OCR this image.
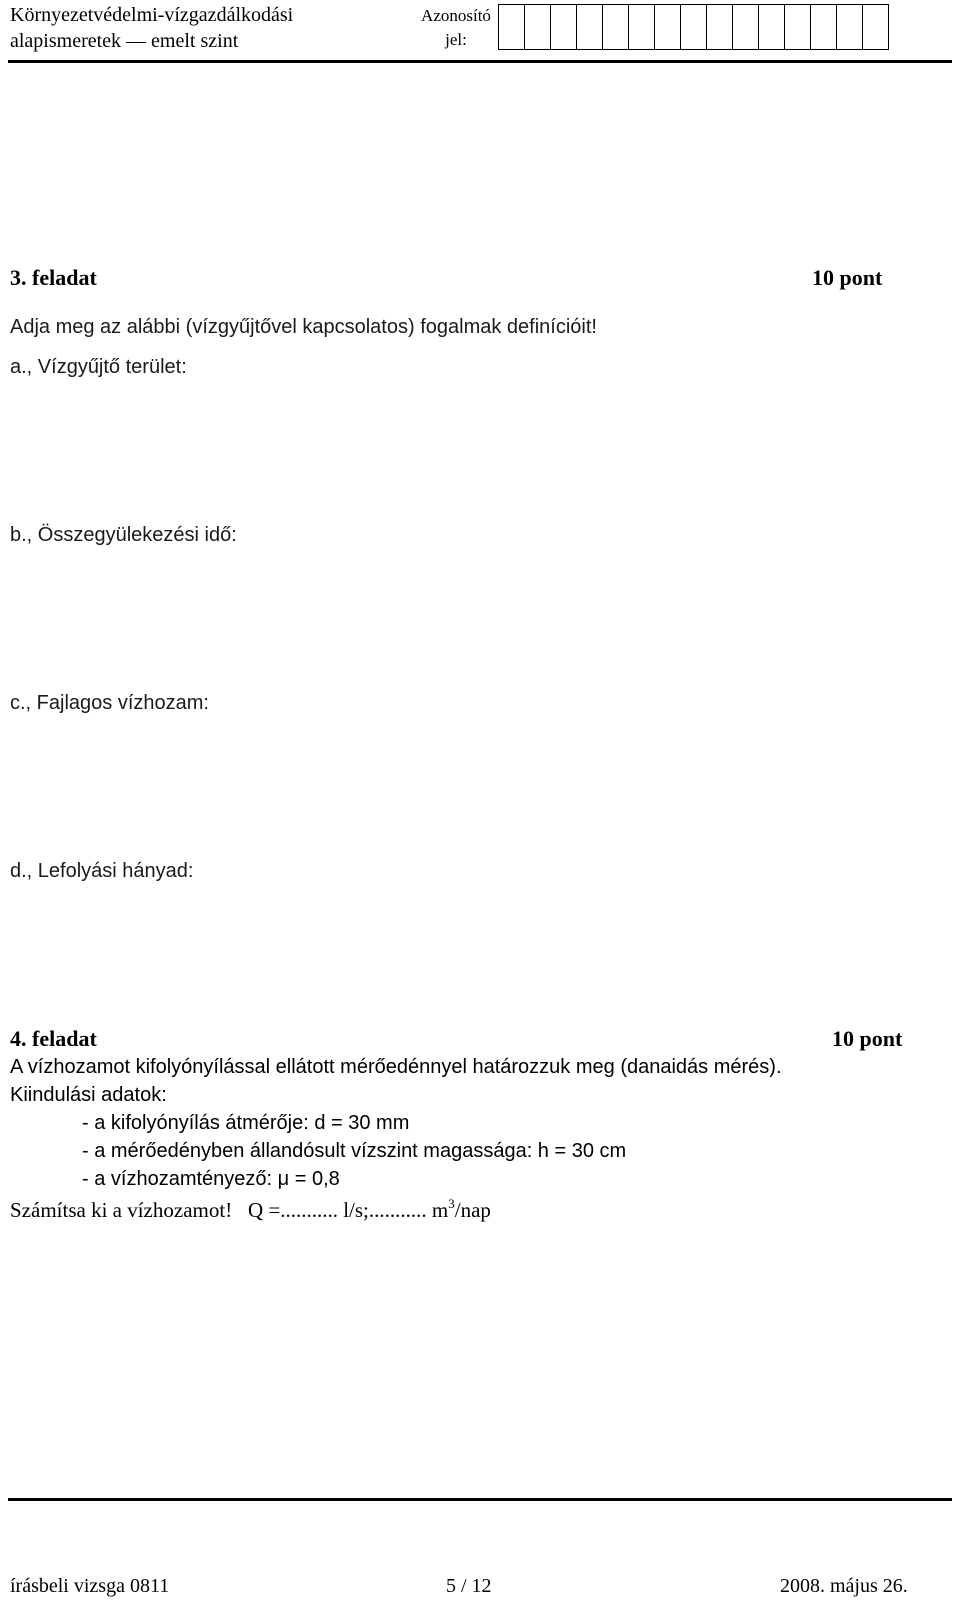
Környezetvédelmi-vízgazdálkodási
alapismeretek — emelt szint
Azonosító
jel:
3. feladat	10 pont
Adja meg az alábbi (vízgyűjtővel kapcsolatos) fogalmak definícióit!
a., Vízgyűjtő terület:
b., Összegyülekezési idő:
c., Fajlagos vízhozam:
d., Lefolyási hányad:
4. feladat	10 pont
A vízhozamot kifolyónyílással ellátott mérőedénnyel határozzuk meg (danaidás mérés).
Kiindulási adatok:
- a kifolyónyílás átmérője: d = 30 mm
- a mérőedényben állandósult vízszint magassága: h = 30 cm
- a vízhozamtényező: μ = 0,8
Számítsa ki a vízhozamot! Q =........... l/s;........... $m^3$/nap
írásbeli vizsga 0811	5 / 12	2008. május 26.
